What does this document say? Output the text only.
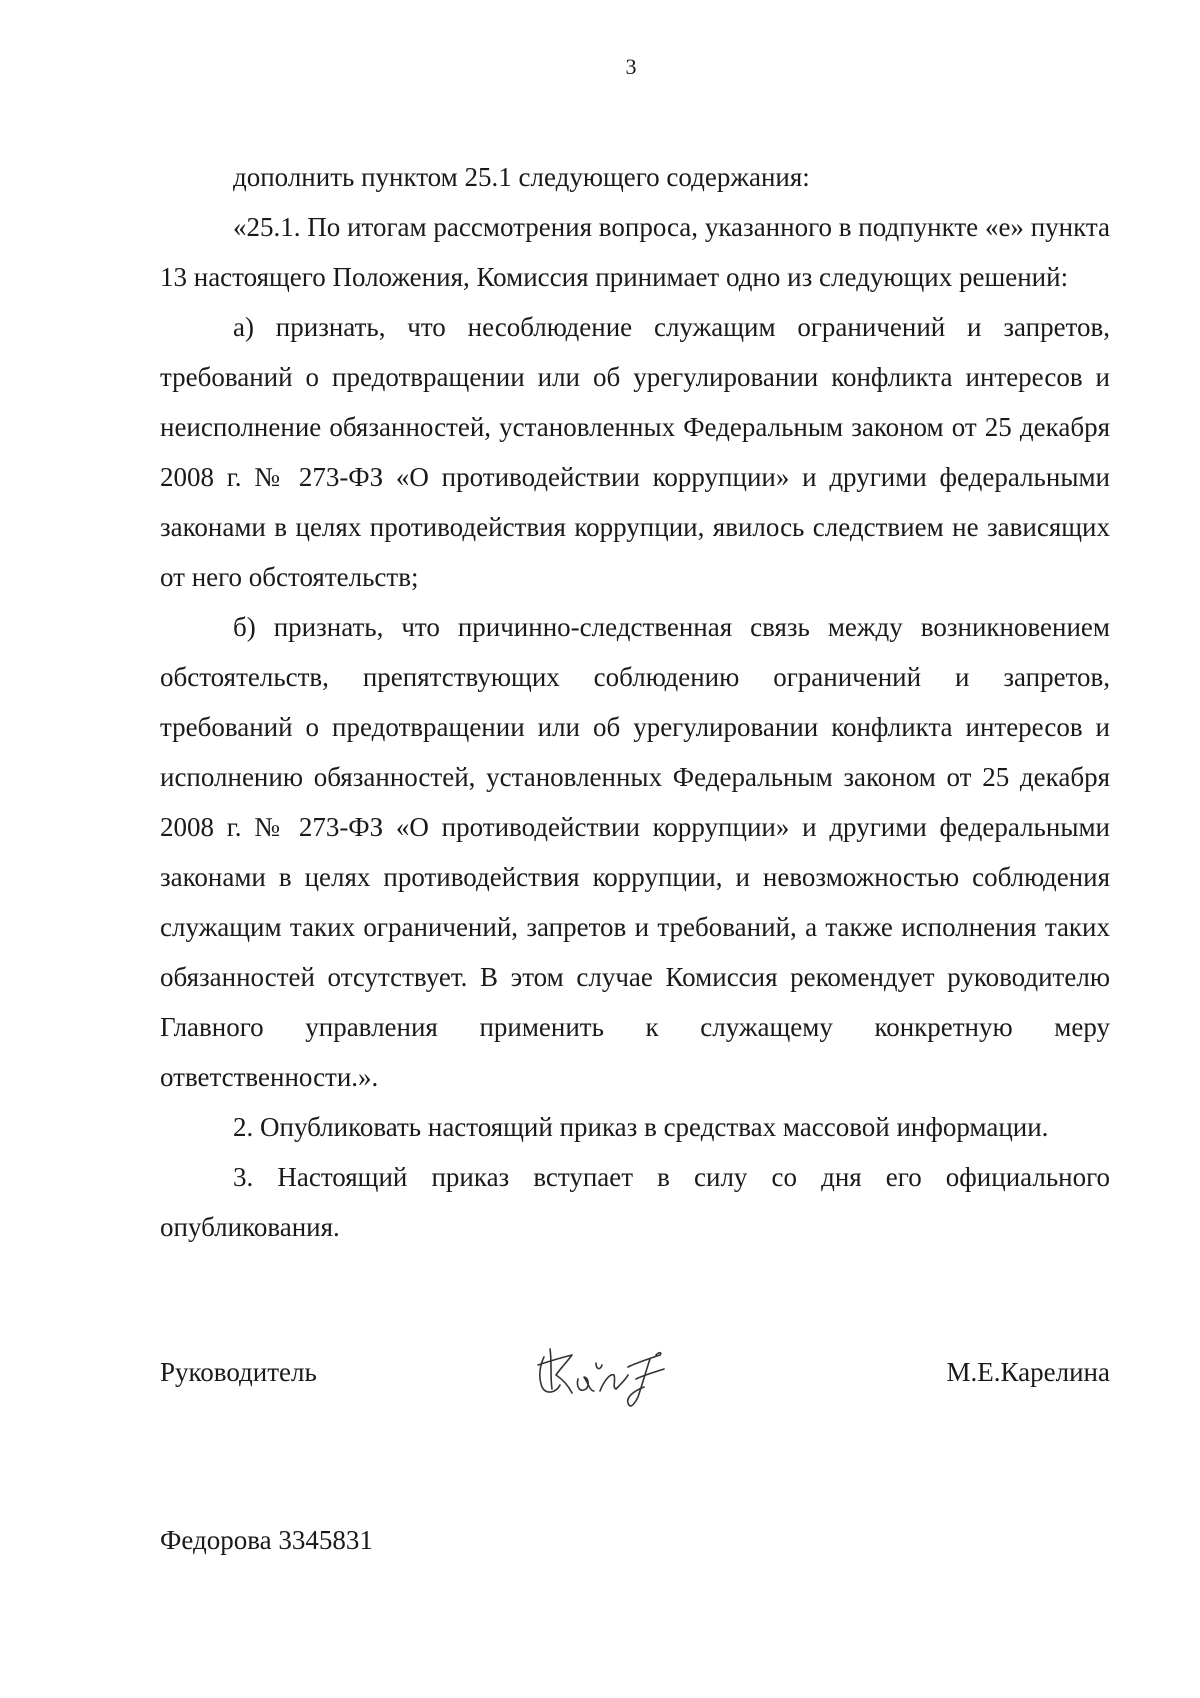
3

дополнить пунктом 25.1 следующего содержания:

«25.1. По итогам рассмотрения вопроса, указанного в подпункте «е» пункта 13 настоящего Положения, Комиссия принимает одно из следующих решений:

а) признать, что несоблюдение служащим ограничений и запретов, требований о предотвращении или об урегулировании конфликта интересов и неисполнение обязанностей, установленных Федеральным законом от 25 декабря 2008 г. № 273-ФЗ «О противодействии коррупции» и другими федеральными законами в целях противодействия коррупции, явилось следствием не зависящих от него обстоятельств;

б) признать, что причинно-следственная связь между возникновением обстоятельств, препятствующих соблюдению ограничений и запретов, требований о предотвращении или об урегулировании конфликта интересов и исполнению обязанностей, установленных Федеральным законом от 25 декабря 2008 г. № 273-ФЗ «О противодействии коррупции» и другими федеральными законами в целях противодействия коррупции, и невозможностью соблюдения служащим таких ограничений, запретов и требований, а также исполнения таких обязанностей отсутствует. В этом случае Комиссия рекомендует руководителю Главного управления применить к служащему конкретную меру ответственности.».

2. Опубликовать настоящий приказ в средствах массовой информации.

3. Настоящий приказ вступает в силу со дня его официального опубликования.

Руководитель	М.Е.Карелина
Федорова 3345831
